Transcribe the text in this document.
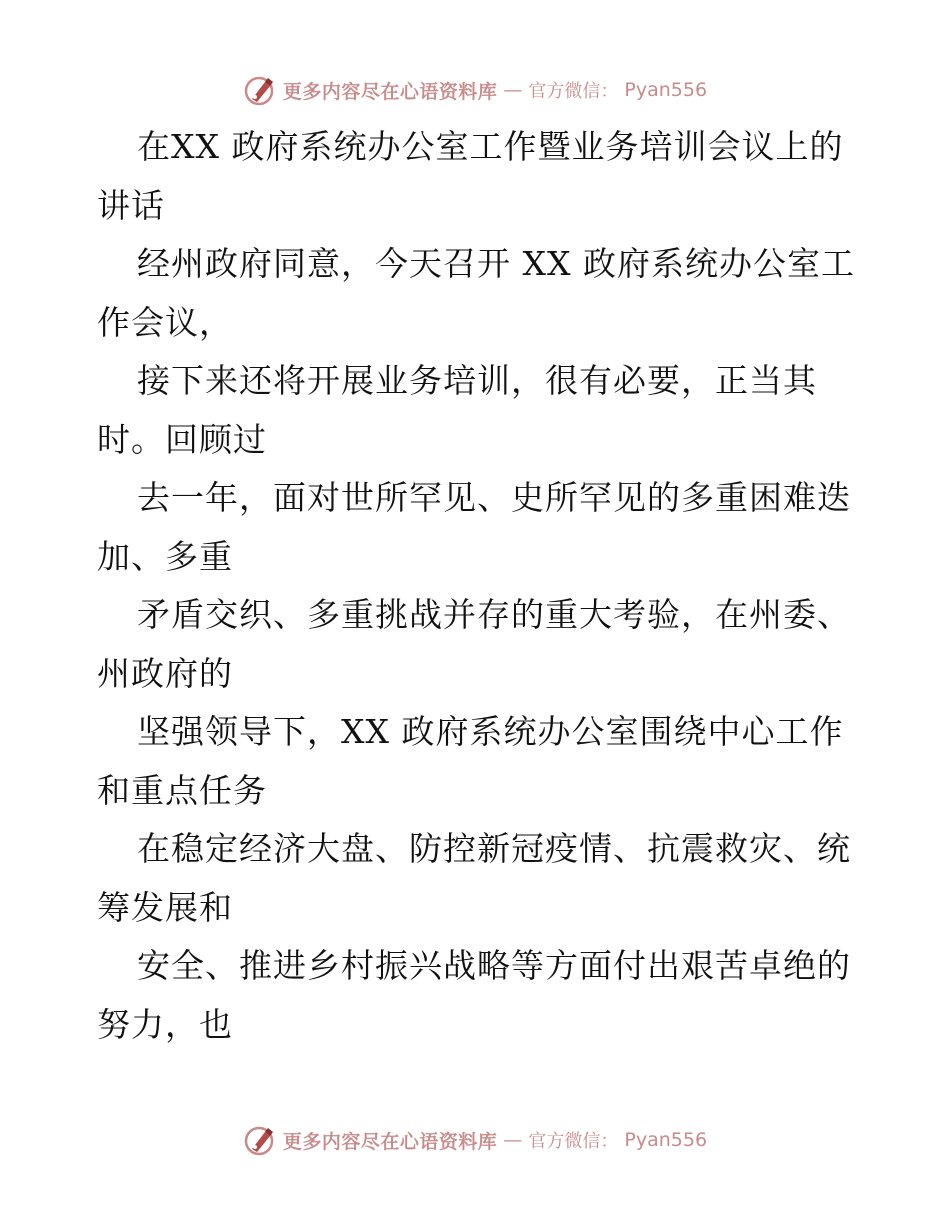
更多内容尽在心语资料库 — 官方微信： Pyan556
在XX 政府系统办公室工作暨业务培训会议上的
讲话
经州政府同意，今天召开 XX 政府系统办公室工
作会议，
接下来还将开展业务培训，很有必要，正当其
时。回顾过
去一年，面对世所罕见、史所罕见的多重困难迭
加、多重
矛盾交织、多重挑战并存的重大考验，在州委、
州政府的
坚强领导下，XX 政府系统办公室围绕中心工作
和重点任务
在稳定经济大盘、防控新冠疫情、抗震救灾、统
筹发展和
安全、推进乡村振兴战略等方面付出艰苦卓绝的
努力，也
更多内容尽在心语资料库 — 官方微信： Pyan556
